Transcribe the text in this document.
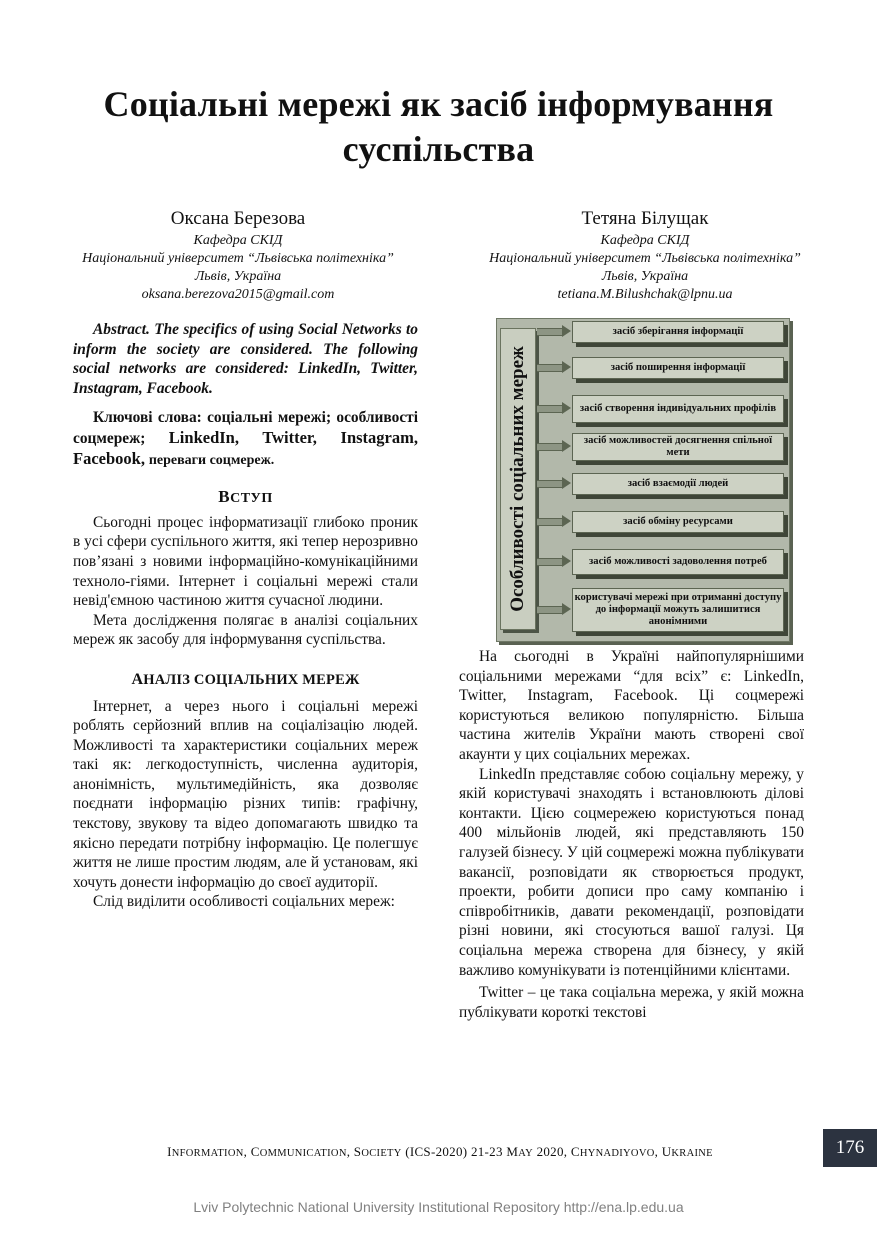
Соціальні мережі як засіб інформування суспільства
Оксана Березова
Кафедра СКІД
Національний університет “Львівська політехніка”
Львів, Україна
oksana.berezova2015@gmail.com
Тетяна Білущак
Кафедра СКІД
Національний університет “Львівська політехніка”
Львів, Україна
tetiana.M.Bilushchak@lpnu.ua
Abstract. The specifics of using Social Networks to inform the society are considered. The following social networks are considered: LinkedIn, Twitter, Instagram, Facebook.
Ключові слова: соціальні мережі; особливості соцмереж; LinkedIn, Twitter, Instagram, Facebook, переваги соцмереж.
ВСТУП

Сьогодні процес інформатизації глибоко проник в усі сфери суспільного життя, які тепер нерозривно пов’язані з новими інформаційно-комунікаційними техноло-гіями. Інтернет і соціальні мережі стали невід'ємною частиною життя сучасної людини.

Мета дослідження полягає в аналізі соціальних мереж як засобу для інформування суспільства.

АНАЛІЗ СОЦІАЛЬНИХ МЕРЕЖ

Інтернет, а через нього і соціальні мережі роблять серйозний вплив на соціалізацію людей. Можливості та характеристики соціальних мереж такі як: легкодоступність, численна аудиторія, анонімність, мультимедійність, яка дозволяє поєднати інформацію різних типів: графічну, текстову, звукову та відео допомагають швидко та якісно передати потрібну інформацію. Це полегшує життя не лише простим людям, але й установам, які хочуть донести інформацію до своєї аудиторії.

Слід виділити особливості соціальних мереж:

Особливості соціальних мереж
засіб зберігання інформації
засіб поширення інформації
засіб створення індивідуальних профілів
засіб можливостей досягнення спільної мети
засіб взаємодії людей
засіб обміну ресурсами
засіб можливості задоволення потреб
користувачі мережі при отриманні доступу до інформації можуть залишитися анонімними

На сьогодні в Україні найпопулярнішими соціальними мережами “для всіх” є: LinkedIn, Twitter, Instagram, Facebook. Ці соцмережі користуються великою популярністю. Більша частина жителів України мають створені свої акаунти у цих соціальних мережах.

LinkedIn представляє собою соціальну мережу, у якій користувачі знаходять і встановлюють ділові контакти. Цією соцмережею користуються понад 400 мільйонів людей, які представляють 150 галузей бізнесу. У цій соцмережі можна публікувати вакансії, розповідати як створюється продукт, проекти, робити дописи про саму компанію і співробітників, давати рекомендації, розповідати різні новини, які стосуються вашої галузі. Ця соціальна мережа створена для бізнесу, у якій важливо комунікувати із потенційними клієнтами.

Twitter – це така соціальна мережа, у якій можна публікувати короткі текстові

INFORMATION, COMMUNICATION, SOCIETY (ICS-2020) 21-23 MAY 2020, CHYNADIYOVO, UKRAINE	176
Lviv Polytechnic National University Institutional Repository http://ena.lp.edu.ua
